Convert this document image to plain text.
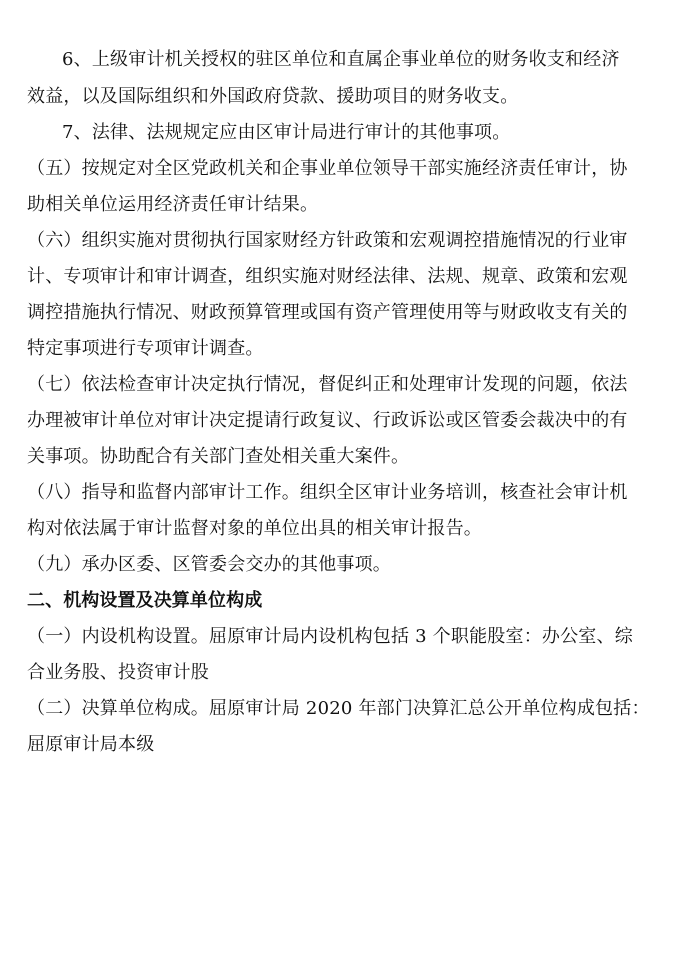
6、上级审计机关授权的驻区单位和直属企事业单位的财务收支和经济
效益，以及国际组织和外国政府贷款、援助项目的财务收支。
7、法律、法规规定应由区审计局进行审计的其他事项。
（五）按规定对全区党政机关和企事业单位领导干部实施经济责任审计，协
助相关单位运用经济责任审计结果。
（六）组织实施对贯彻执行国家财经方针政策和宏观调控措施情况的行业审
计、专项审计和审计调查，组织实施对财经法律、法规、规章、政策和宏观
调控措施执行情况、财政预算管理或国有资产管理使用等与财政收支有关的
特定事项进行专项审计调查。
（七）依法检查审计决定执行情况，督促纠正和处理审计发现的问题，依法
办理被审计单位对审计决定提请行政复议、行政诉讼或区管委会裁决中的有
关事项。协助配合有关部门查处相关重大案件。
（八）指导和监督内部审计工作。组织全区审计业务培训，核查社会审计机
构对依法属于审计监督对象的单位出具的相关审计报告。
（九）承办区委、区管委会交办的其他事项。
二、机构设置及决算单位构成
（一）内设机构设置。屈原审计局内设机构包括 3 个职能股室：办公室、综
合业务股、投资审计股
（二）决算单位构成。屈原审计局 2020 年部门决算汇总公开单位构成包括：
屈原审计局本级
